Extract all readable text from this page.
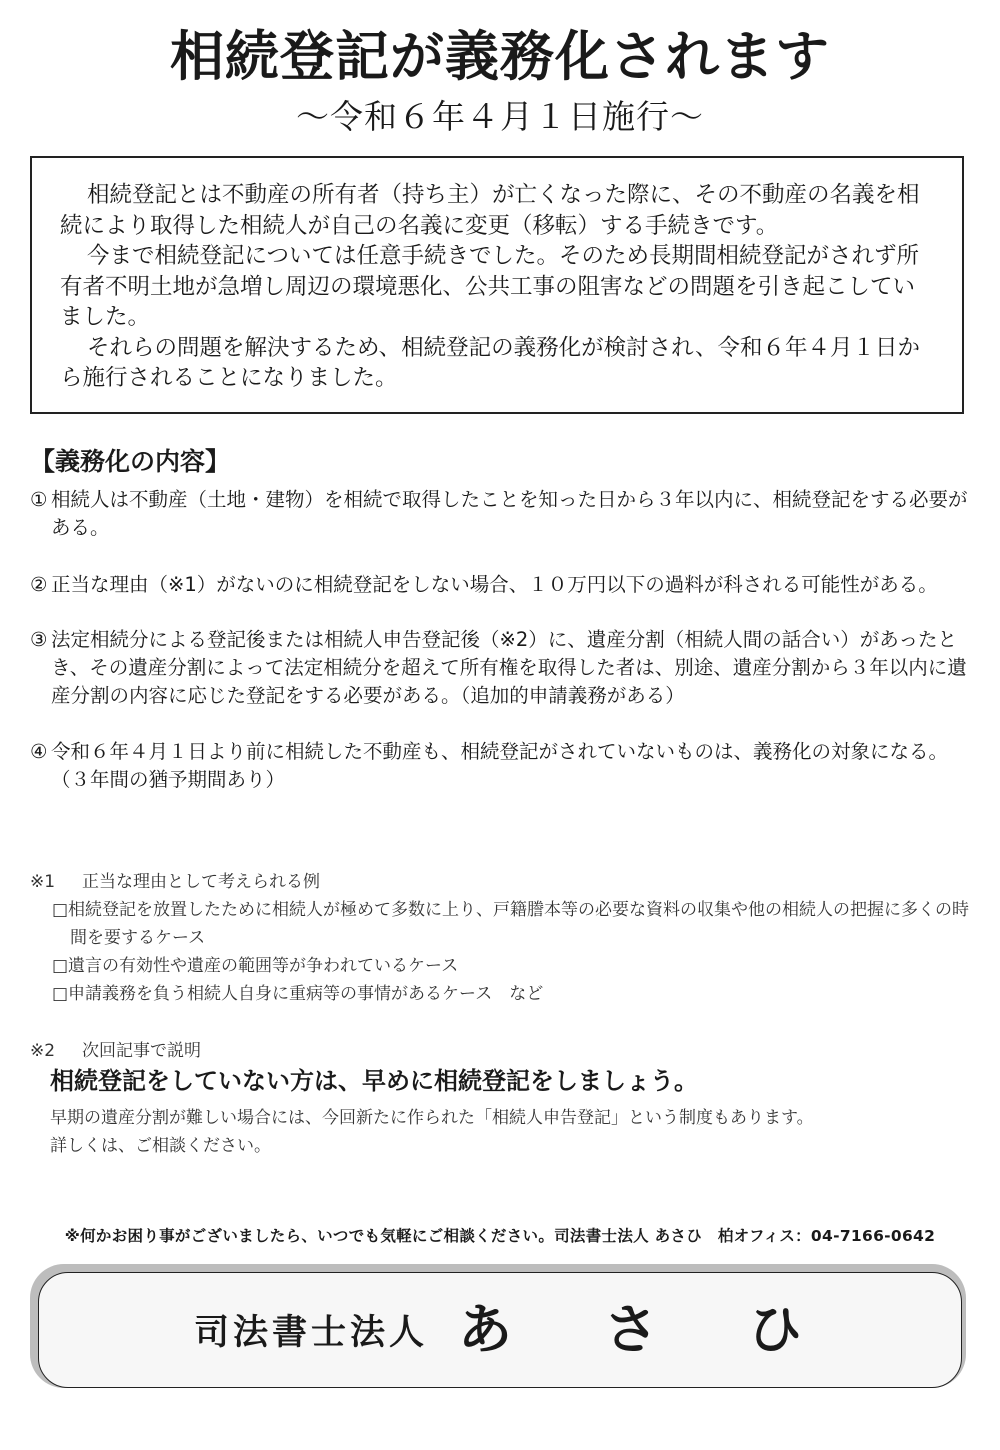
相続登記が義務化されます
～令和６年４月１日施行～

相続登記とは不動産の所有者（持ち主）が亡くなった際に、その不動産の名義を相続により取得した相続人が自己の名義に変更（移転）する手続きです。

今まで相続登記については任意手続きでした。そのため長期間相続登記がされず所有者不明土地が急増し周辺の環境悪化、公共工事の阻害などの問題を引き起こしていました。

それらの問題を解決するため、相続登記の義務化が検討され、令和６年４月１日から施行されることになりました。

【義務化の内容】
① 相続人は不動産（土地・建物）を相続で取得したことを知った日から３年以内に、相続登記をする必要がある。
② 正当な理由（※1）がないのに相続登記をしない場合、１０万円以下の過料が科される可能性がある。
③ 法定相続分による登記後または相続人申告登記後（※2）に、遺産分割（相続人間の話合い）があったとき、その遺産分割によって法定相続分を超えて所有権を取得した者は、別途、遺産分割から３年以内に遺産分割の内容に応じた登記をする必要がある。（追加的申請義務がある）
④ 令和６年４月１日より前に相続した不動産も、相続登記がされていないものは、義務化の対象になる。（３年間の猶予期間あり）

※1 正当な理由として考えられる例

□相続登記を放置したために相続人が極めて多数に上り、戸籍謄本等の必要な資料の収集や他の相続人の把握に多くの時間を要するケース

□遺言の有効性や遺産の範囲等が争われているケース

□申請義務を負う相続人自身に重病等の事情があるケース　など

※2 次回記事で説明
相続登記をしていない方は、早めに相続登記をしましょう。
早期の遺産分割が難しい場合には、今回新たに作られた「相続人申告登記」という制度もあります。
詳しくは、ご相談ください。
※何かお困り事がございましたら、いつでも気軽にご相談ください。司法書士法人 あさひ　柏オフィス：04-7166-0642
司法書士法人 あ さ ひ
